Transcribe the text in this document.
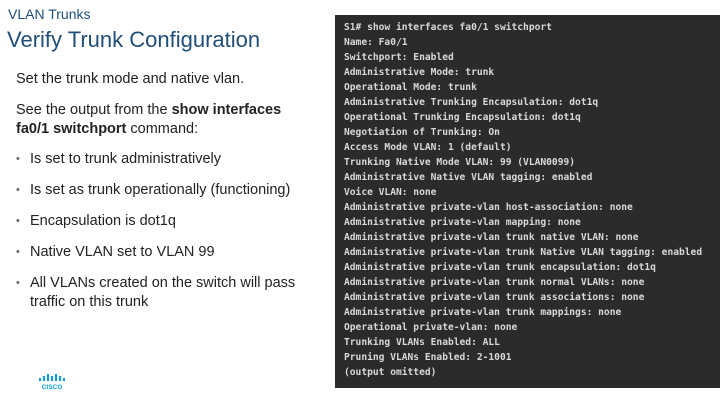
VLAN Trunks
Verify Trunk Configuration
Set the trunk mode and native vlan.
See the output from the show interfaces
fa0/1 switchport command:
• Is set to trunk administratively
• Is set as trunk operationally (functioning)
• Encapsulation is dot1q
• Native VLAN set to VLAN 99
• All VLANs created on the switch will pass traffic on this trunk
CISCO
S1# show interfaces fa0/1 switchport
Name: Fa0/1
Switchport: Enabled
Administrative Mode: trunk
Operational Mode: trunk
Administrative Trunking Encapsulation: dot1q
Operational Trunking Encapsulation: dot1q
Negotiation of Trunking: On
Access Mode VLAN: 1 (default)
Trunking Native Mode VLAN: 99 (VLAN0099)
Administrative Native VLAN tagging: enabled
Voice VLAN: none
Administrative private-vlan host-association: none
Administrative private-vlan mapping: none
Administrative private-vlan trunk native VLAN: none
Administrative private-vlan trunk Native VLAN tagging: enabled
Administrative private-vlan trunk encapsulation: dot1q
Administrative private-vlan trunk normal VLANs: none
Administrative private-vlan trunk associations: none
Administrative private-vlan trunk mappings: none
Operational private-vlan: none
Trunking VLANs Enabled: ALL
Pruning VLANs Enabled: 2-1001
(output omitted)
